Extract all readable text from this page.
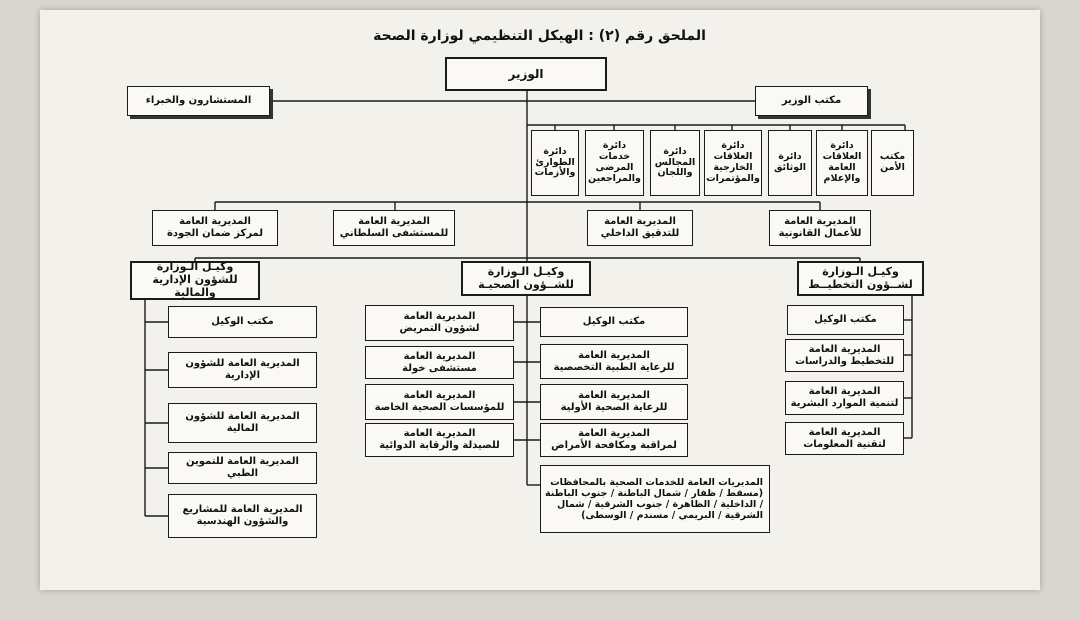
الملحق رقم (٢) : الهيكل التنظيمي لوزارة الصحة
الوزير
المستشارون والخبراء	مكتب الوزير
مكتب
الأمن
دائرة
العلاقات
العامة
والإعلام
دائرة
الوثائق
دائرة
العلاقات
الخارجية
والمؤتمرات
دائرة
المجالس
واللجان
دائرة
خدمات
المرضى
والمراجعين
دائرة
الطوارئ
والأزمات
المديرية العامة
للأعمال القانونية
المديرية العامة
للتدقيق الداخلي
المديرية العامة
للمستشفى السلطاني
المديرية العامة
لمركز ضمان الجودة
وكيـل الـوزارة
لشــؤون التخطيــط
وكيـل الـوزارة
للشــؤون الصحيـة
وكيـل الـوزارة
للشؤون الإدارية والمالية
مكتب الوكيل
المديرية العامة
للتخطيط والدراسات
المديرية العامة
لتنمية الموارد البشرية
المديرية العامة
لتقنية المعلومات
مكتب الوكيل
المديرية العامة
للرعاية الطبية التخصصية
المديرية العامة
للرعاية الصحية الأولية
المديرية العامة
لمراقبة ومكافحة الأمراض
المديرية العامة
لشؤون التمريض
المديرية العامة
مستشفى خولة
المديرية العامة
للمؤسسات الصحية الخاصة
المديرية العامة
للصيدلة والرقابة الدوائية
المديريات العامة للخدمات الصحية بالمحافظات
(مسقط / ظفار / شمال الباطنة / جنوب الباطنة
/ الداخلية / الظاهرة / جنوب الشرقية / شمال
الشرقية / البريمي / مسندم / الوسطى)
مكتب الوكيل
المديرية العامة للشؤون الإدارية
المديرية العامة للشؤون المالية
المديرية العامة للتموين الطبي
المديرية العامة للمشاريع
والشؤون الهندسية
